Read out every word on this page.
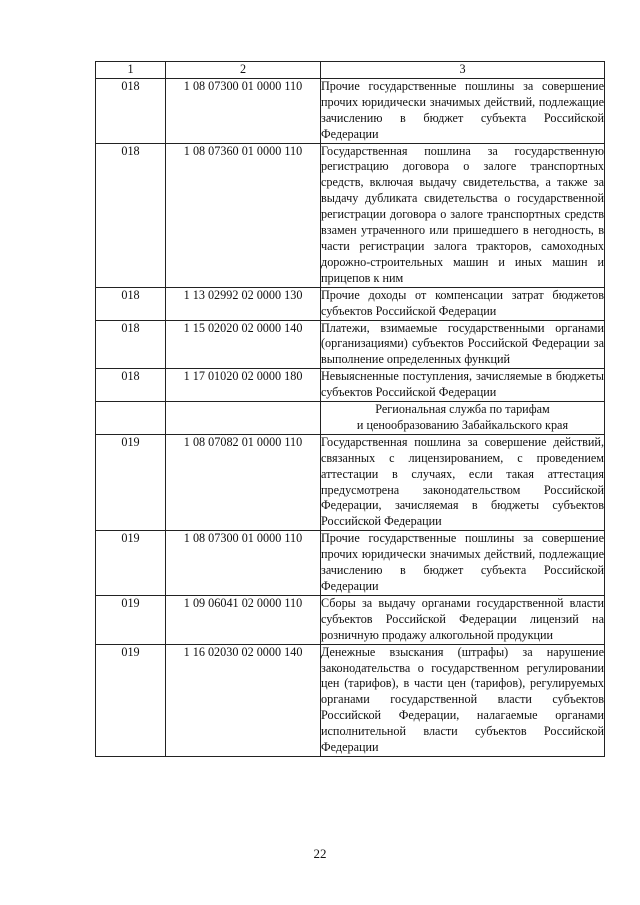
1	2	3
018	1 08 07300 01 0000 110	Прочие государственные пошлины за совершение прочих юридически значимых действий, подлежащие зачислению в бюджет субъекта Российской Федерации
018	1 08 07360 01 0000 110	Государственная пошлина за государственную регистрацию договора о залоге транспортных средств, включая выдачу свидетельства, а также за выдачу дубликата свидетельства о государственной регистрации договора о залоге транспортных средств взамен утраченного или пришедшего в негодность, в части регистрации залога тракторов, самоходных дорожно-строительных машин и иных машин и прицепов к ним
018	1 13 02992 02 0000 130	Прочие доходы от компенсации затрат бюджетов субъектов Российской Федерации
018	1 15 02020 02 0000 140	Платежи, взимаемые государственными органами (организациями) субъектов Российской Федерации за выполнение определенных функций
018	1 17 01020 02 0000 180	Невыясненные поступления, зачисляемые в бюджеты субъектов Российской Федерации
		Региональная служба по тарифам
и ценообразованию Забайкальского края
019	1 08 07082 01 0000 110	Государственная пошлина за совершение действий, связанных с лицензированием, с проведением аттестации в случаях, если такая аттестация предусмотрена законодательством Российской Федерации, зачисляемая в бюджеты субъектов Российской Федерации
019	1 08 07300 01 0000 110	Прочие государственные пошлины за совершение прочих юридически значимых действий, подлежащие зачислению в бюджет субъекта Российской Федерации
019	1 09 06041 02 0000 110	Сборы за выдачу органами государственной власти субъектов Российской Федерации лицензий на розничную продажу алкогольной продукции
019	1 16 02030 02 0000 140	Денежные взыскания (штрафы) за нарушение законодательства о государственном регулировании цен (тарифов), в части цен (тарифов), регулируемых органами государственной власти субъектов Российской Федерации, налагаемые органами исполнительной власти субъектов Российской Федерации
22
